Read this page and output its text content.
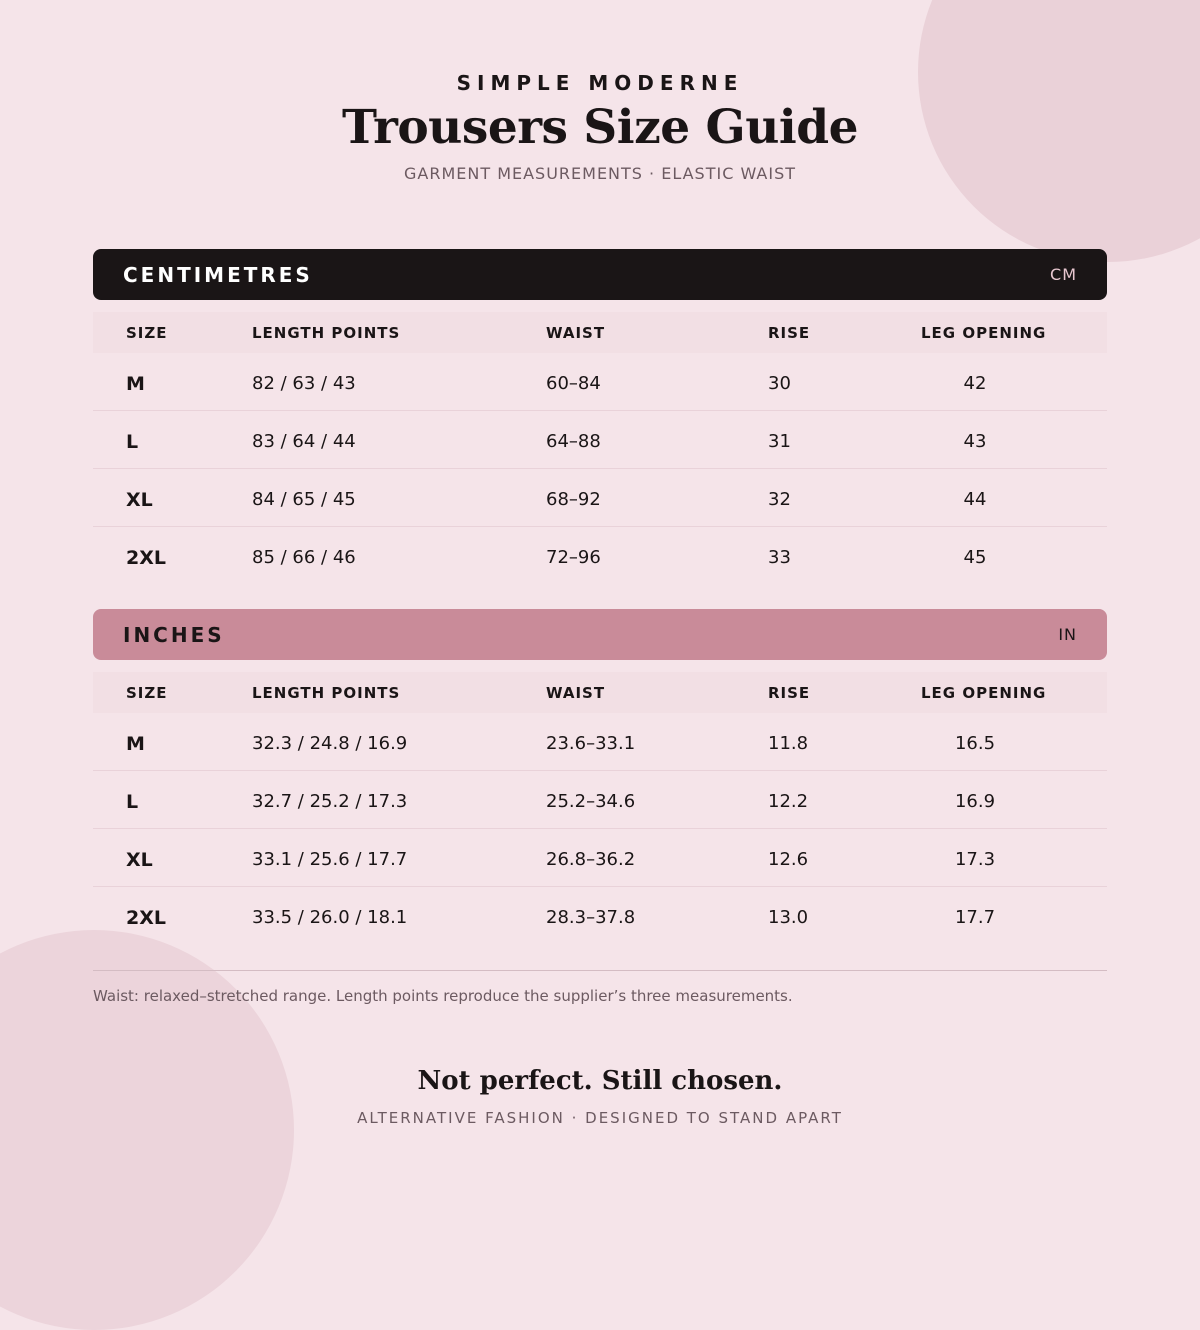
SIMPLE MODERNE
Trousers Size Guide
GARMENT MEASUREMENTS · ELASTIC WAIST
CENTIMETRES	CM
SIZE	LENGTH POINTS	WAIST	RISE	LEG OPENING
M	82 / 63 / 43	60–84	30	42
L	83 / 64 / 44	64–88	31	43
XL	84 / 65 / 45	68–92	32	44
2XL	85 / 66 / 46	72–96	33	45
INCHES	IN
SIZE	LENGTH POINTS	WAIST	RISE	LEG OPENING
M	32.3 / 24.8 / 16.9	23.6–33.1	11.8	16.5
L	32.7 / 25.2 / 17.3	25.2–34.6	12.2	16.9
XL	33.1 / 25.6 / 17.7	26.8–36.2	12.6	17.3
2XL	33.5 / 26.0 / 18.1	28.3–37.8	13.0	17.7
Waist: relaxed–stretched range. Length points reproduce the supplier’s three measurements.
Not perfect. Still chosen.
ALTERNATIVE FASHION · DESIGNED TO STAND APART
